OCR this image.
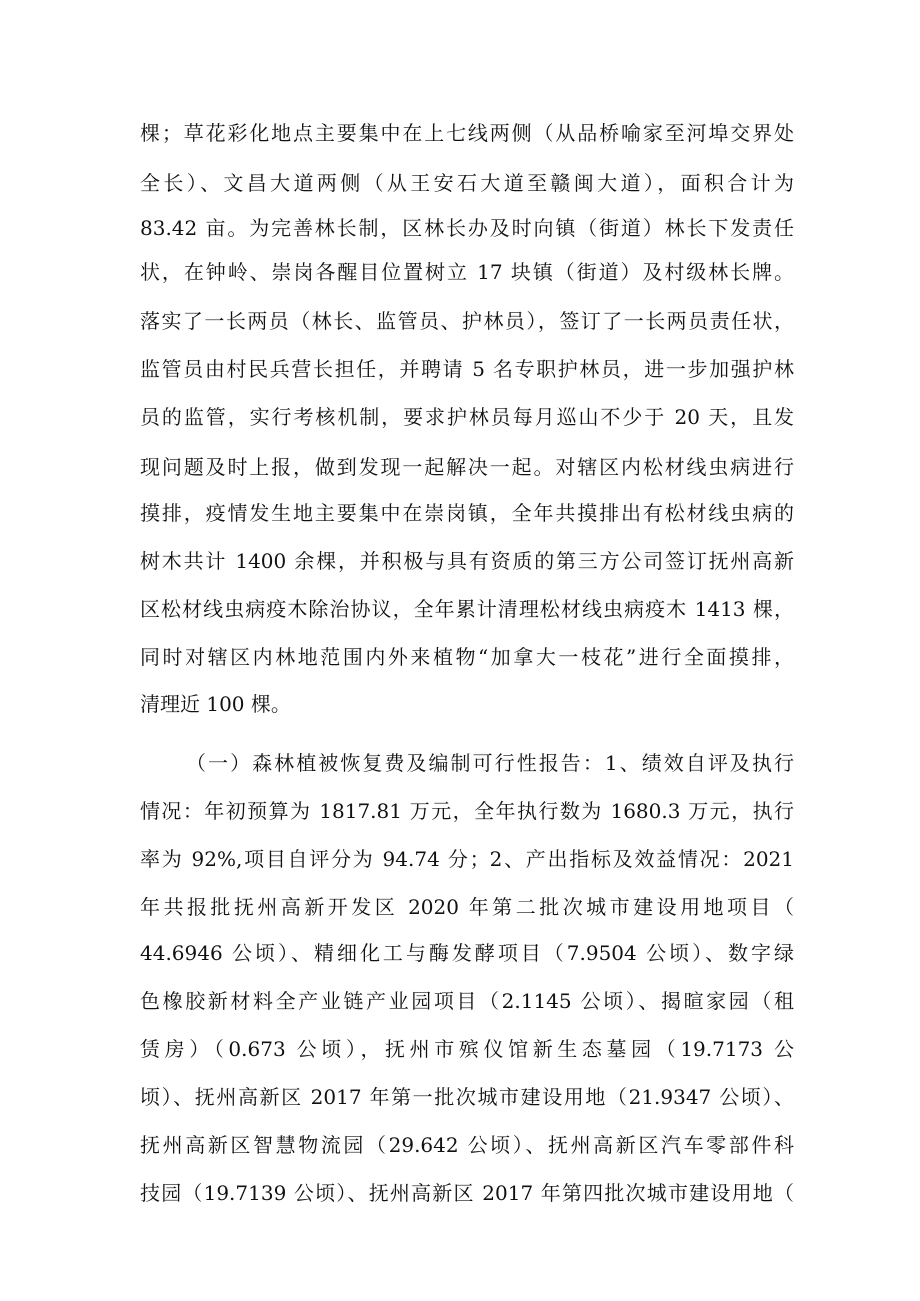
棵；草花彩化地点主要集中在上七线两侧（从品桥喻家至河埠交界处
全长）、文昌大道两侧（从王安石大道至赣闽大道），面积合计为
83.42 亩。为完善林长制，区林长办及时向镇（街道）林长下发责任
状，在钟岭、崇岗各醒目位置树立 17 块镇（街道）及村级林长牌。
落实了一长两员（林长、监管员、护林员），签订了一长两员责任状，
监管员由村民兵营长担任，并聘请 5 名专职护林员，进一步加强护林
员的监管，实行考核机制，要求护林员每月巡山不少于 20 天，且发
现问题及时上报，做到发现一起解决一起。对辖区内松材线虫病进行
摸排，疫情发生地主要集中在崇岗镇，全年共摸排出有松材线虫病的
树木共计 1400 余棵，并积极与具有资质的第三方公司签订抚州高新
区松材线虫病疫木除治协议，全年累计清理松材线虫病疫木 1413 棵，
同时对辖区内林地范围内外来植物“加拿大一枝花”进行全面摸排，
清理近 100 棵。
（一）森林植被恢复费及编制可行性报告：1、绩效自评及执行
情况：年初预算为 1817.81 万元，全年执行数为 1680.3 万元，执行
率为 92%,项目自评分为 94.74 分；2、产出指标及效益情况：2021
年共报批抚州高新开发区 2020 年第二批次城市建设用地项目（
44.6946 公顷）、精细化工与酶发酵项目（7.9504 公顷）、数字绿
色橡胶新材料全产业链产业园项目（2.1145 公顷）、揭暄家园（租
赁房）（0.673 公顷），抚州市殡仪馆新生态墓园（19.7173 公
顷）、抚州高新区 2017 年第一批次城市建设用地（21.9347 公顷）、
抚州高新区智慧物流园（29.642 公顷）、抚州高新区汽车零部件科
技园（19.7139 公顷）、抚州高新区 2017 年第四批次城市建设用地（
